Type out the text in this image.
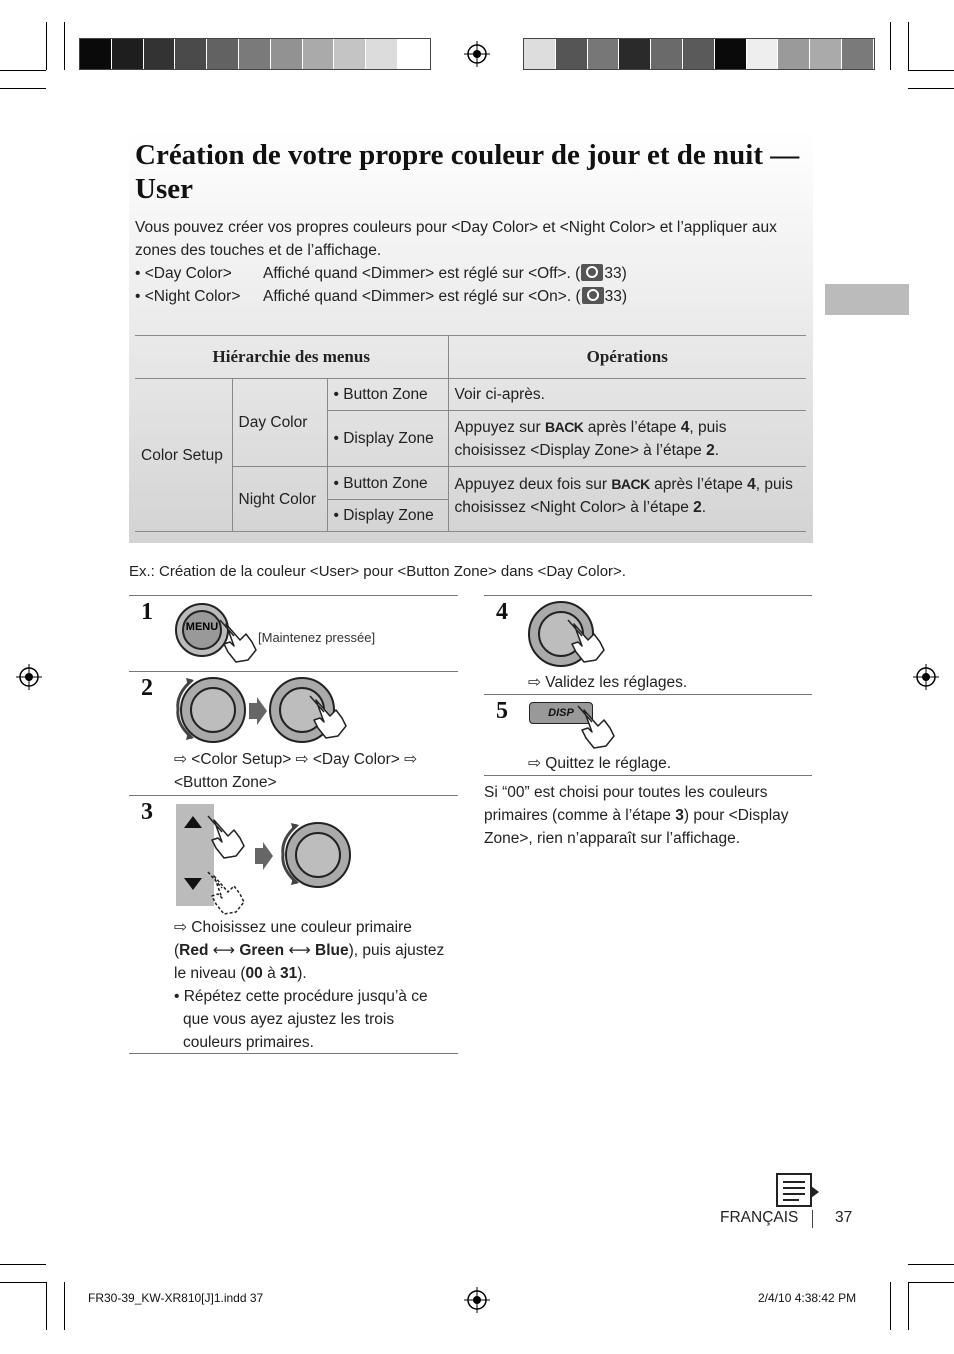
Création de votre propre couleur de jour et de nuit —User
Vous pouvez créer vos propres couleurs pour <Day Color> et <Night Color> et l’appliquer aux zones des touches et de l’affichage.
• <Day Color> Affiché quand <Dimmer> est réglé sur <Off>. ( 33)
• <Night Color> Affiché quand <Dimmer> est réglé sur <On>. ( 33)
Hiérarchie des menus			Opérations
Color Setup	Day Color	• Button Zone	Voir ci-après.
		• Display Zone	Appuyez sur BACK après l’étape 4, puis choisissez <Display Zone> à l’étape 2.
	Night Color	• Button Zone	Appuyez deux fois sur BACK après l’étape 4, puis choisissez <Night Color> à l’étape 2.
		• Display Zone	
Ex.: Création de la couleur <User> pour <Button Zone> dans <Day Color>.
1
MENU
[Maintenez pressée]
2
⇨ <Color Setup> ⇨ <Day Color> ⇨ <Button Zone>
3
⇨ Choisissez une couleur primaire
(Red ⟷ Green ⟷ Blue), puis ajustez
le niveau (00 à 31).
• Répétez cette procédure jusqu’à ce que vous ayez ajustez les trois couleurs primaires.
4
⇨ Validez les réglages.
5	DISP
⇨ Quittez le réglage.
Si “00” est choisi pour toutes les couleurs primaires (comme à l’étape 3) pour <Display Zone>, rien n’apparaît sur l’affichage.
FRANÇAIS 37
FR30-39_KW-XR810[J]1.indd 37	2/4/10 4:38:42 PM
